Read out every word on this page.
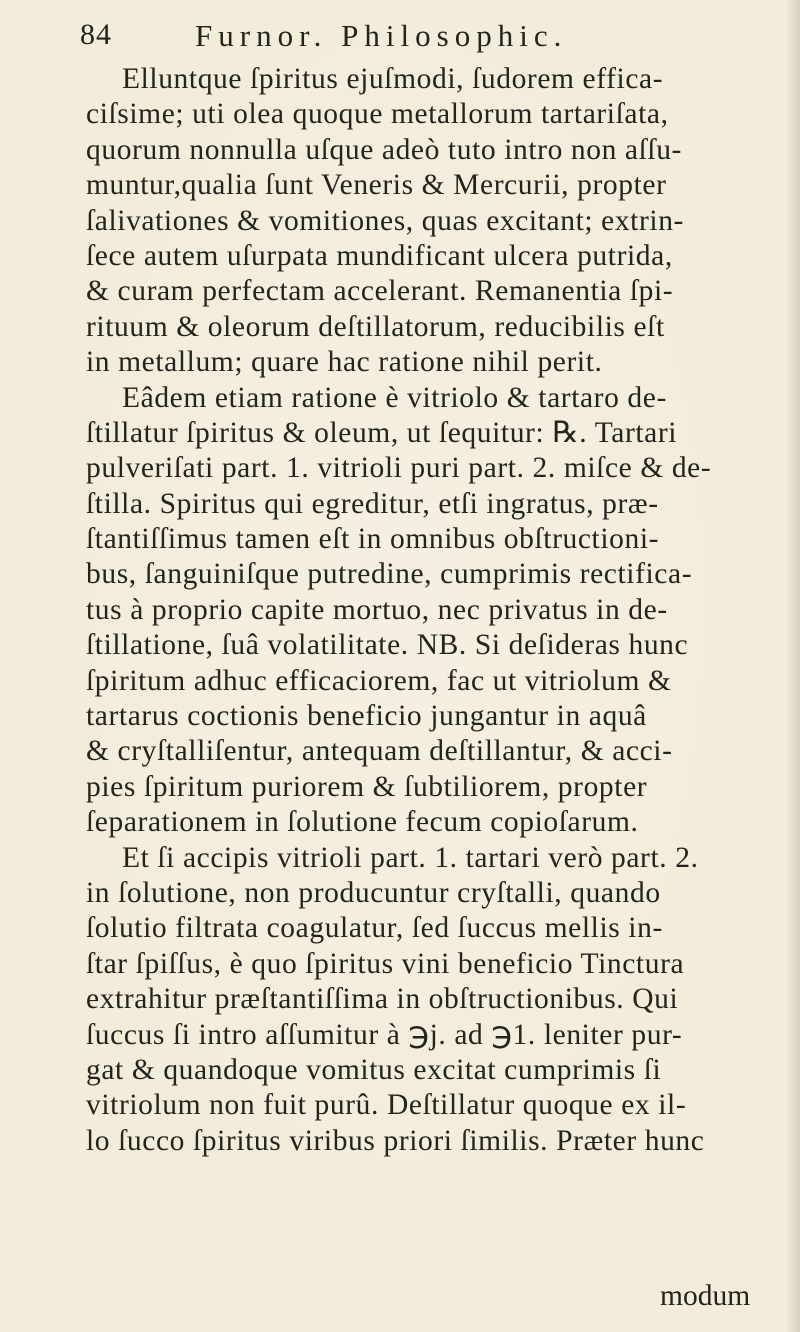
84	Furnor. Philosophic.
Elluntque ſpiritus ejuſmodi, ſudorem effica-
ciſsime; uti olea quoque metallorum tartariſata,
quorum nonnulla uſque adeò tuto intro non aſſu-
muntur,qualia ſunt Veneris & Mercurii, propter
ſalivationes & vomitiones, quas excitant; extrin-
ſece autem uſurpata mundificant ulcera putrida,
& curam perfectam accelerant. Remanentia ſpi-
rituum & oleorum deſtillatorum, reducibilis eſt
in metallum; quare hac ratione nihil perit.
Eâdem etiam ratione è vitriolo & tartaro de-
ſtillatur ſpiritus & oleum, ut ſequitur: ℞. Tartari
pulveriſati part. 1. vitrioli puri part. 2. miſce & de-
ſtilla. Spiritus qui egreditur, etſi ingratus, præ-
ſtantiſſimus tamen eſt in omnibus obſtructioni-
bus, ſanguiniſque putredine, cumprimis rectifica-
tus à proprio capite mortuo, nec privatus in de-
ſtillatione, ſuâ volatilitate. NB. Si deſideras hunc
ſpiritum adhuc efficaciorem, fac ut vitriolum &
tartarus coctionis beneficio jungantur in aquâ
& cryſtalliſentur, antequam deſtillantur, & acci-
pies ſpiritum puriorem & ſubtiliorem, propter
ſeparationem in ſolutione fecum copioſarum.
Et ſi accipis vitrioli part. 1. tartari verò part. 2.
in ſolutione, non producuntur cryſtalli, quando
ſolutio filtrata coagulatur, ſed ſuccus mellis in-
ſtar ſpiſſus, è quo ſpiritus vini beneficio Tinctura
extrahitur præſtantiſſima in obſtructionibus. Qui
ſuccus ſi intro aſſumitur à ℈j. ad ℈1. leniter pur-
gat & quandoque vomitus excitat cumprimis ſi
vitriolum non fuit purû. Deſtillatur quoque ex il-
lo ſucco ſpiritus viribus priori ſimilis. Præter hunc
modum
